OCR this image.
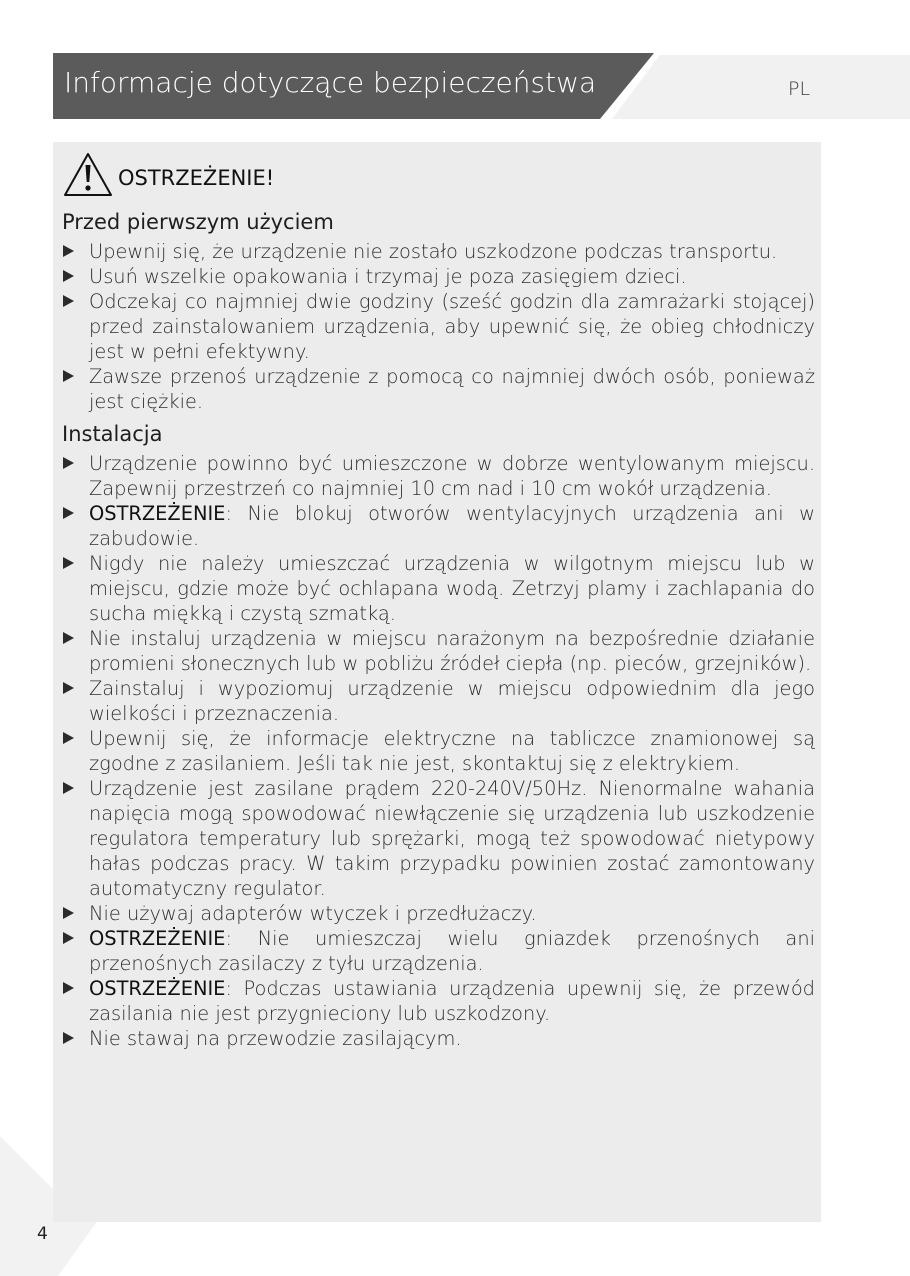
Informacje dotyczące bezpieczeństwa	PL
OSTRZEŻENIE!
Przed pierwszym użyciem
Upewnij się, że urządzenie nie zostało uszkodzone podczas transportu.
Usuń wszelkie opakowania i trzymaj je poza zasięgiem dzieci.
Odczekaj co najmniej dwie godziny (sześć godzin dla zamrażarki stojącej) przed zainstalowaniem urządzenia, aby upewnić się, że obieg chłodniczy jest w pełni efektywny.
Zawsze przenoś urządzenie z pomocą co najmniej dwóch osób, ponieważ jest ciężkie.
Instalacja
Urządzenie powinno być umieszczone w dobrze wentylowanym miejscu. Zapewnij przestrzeń co najmniej 10 cm nad i 10 cm wokół urządzenia.
OSTRZEŻENIE: Nie blokuj otworów wentylacyjnych urządzenia ani w zabudowie.
Nigdy nie należy umieszczać urządzenia w wilgotnym miejscu lub w miejscu, gdzie może być ochlapana wodą. Zetrzyj plamy i zachlapania do sucha miękką i czystą szmatką.
Nie instaluj urządzenia w miejscu narażonym na bezpośrednie działanie promieni słonecznych lub w pobliżu źródeł ciepła (np. pieców, grzejników).
Zainstaluj i wypoziomuj urządzenie w miejscu odpowiednim dla jego wielkości i przeznaczenia.
Upewnij się, że informacje elektryczne na tabliczce znamionowej są zgodne z zasilaniem. Jeśli tak nie jest, skontaktuj się z elektrykiem.
Urządzenie jest zasilane prądem 220-240V/50Hz. Nienormalne wahania napięcia mogą spowodować niewłączenie się urządzenia lub uszkodzenie regulatora temperatury lub sprężarki, mogą też spowodować nietypowy hałas podczas pracy. W takim przypadku powinien zostać zamontowany automatyczny regulator.
Nie używaj adapterów wtyczek i przedłużaczy.
OSTRZEŻENIE: Nie umieszczaj wielu gniazdek przenośnych ani przenośnych zasilaczy z tyłu urządzenia.
OSTRZEŻENIE: Podczas ustawiania urządzenia upewnij się, że przewód zasilania nie jest przygnieciony lub uszkodzony.
Nie stawaj na przewodzie zasilającym.
4
